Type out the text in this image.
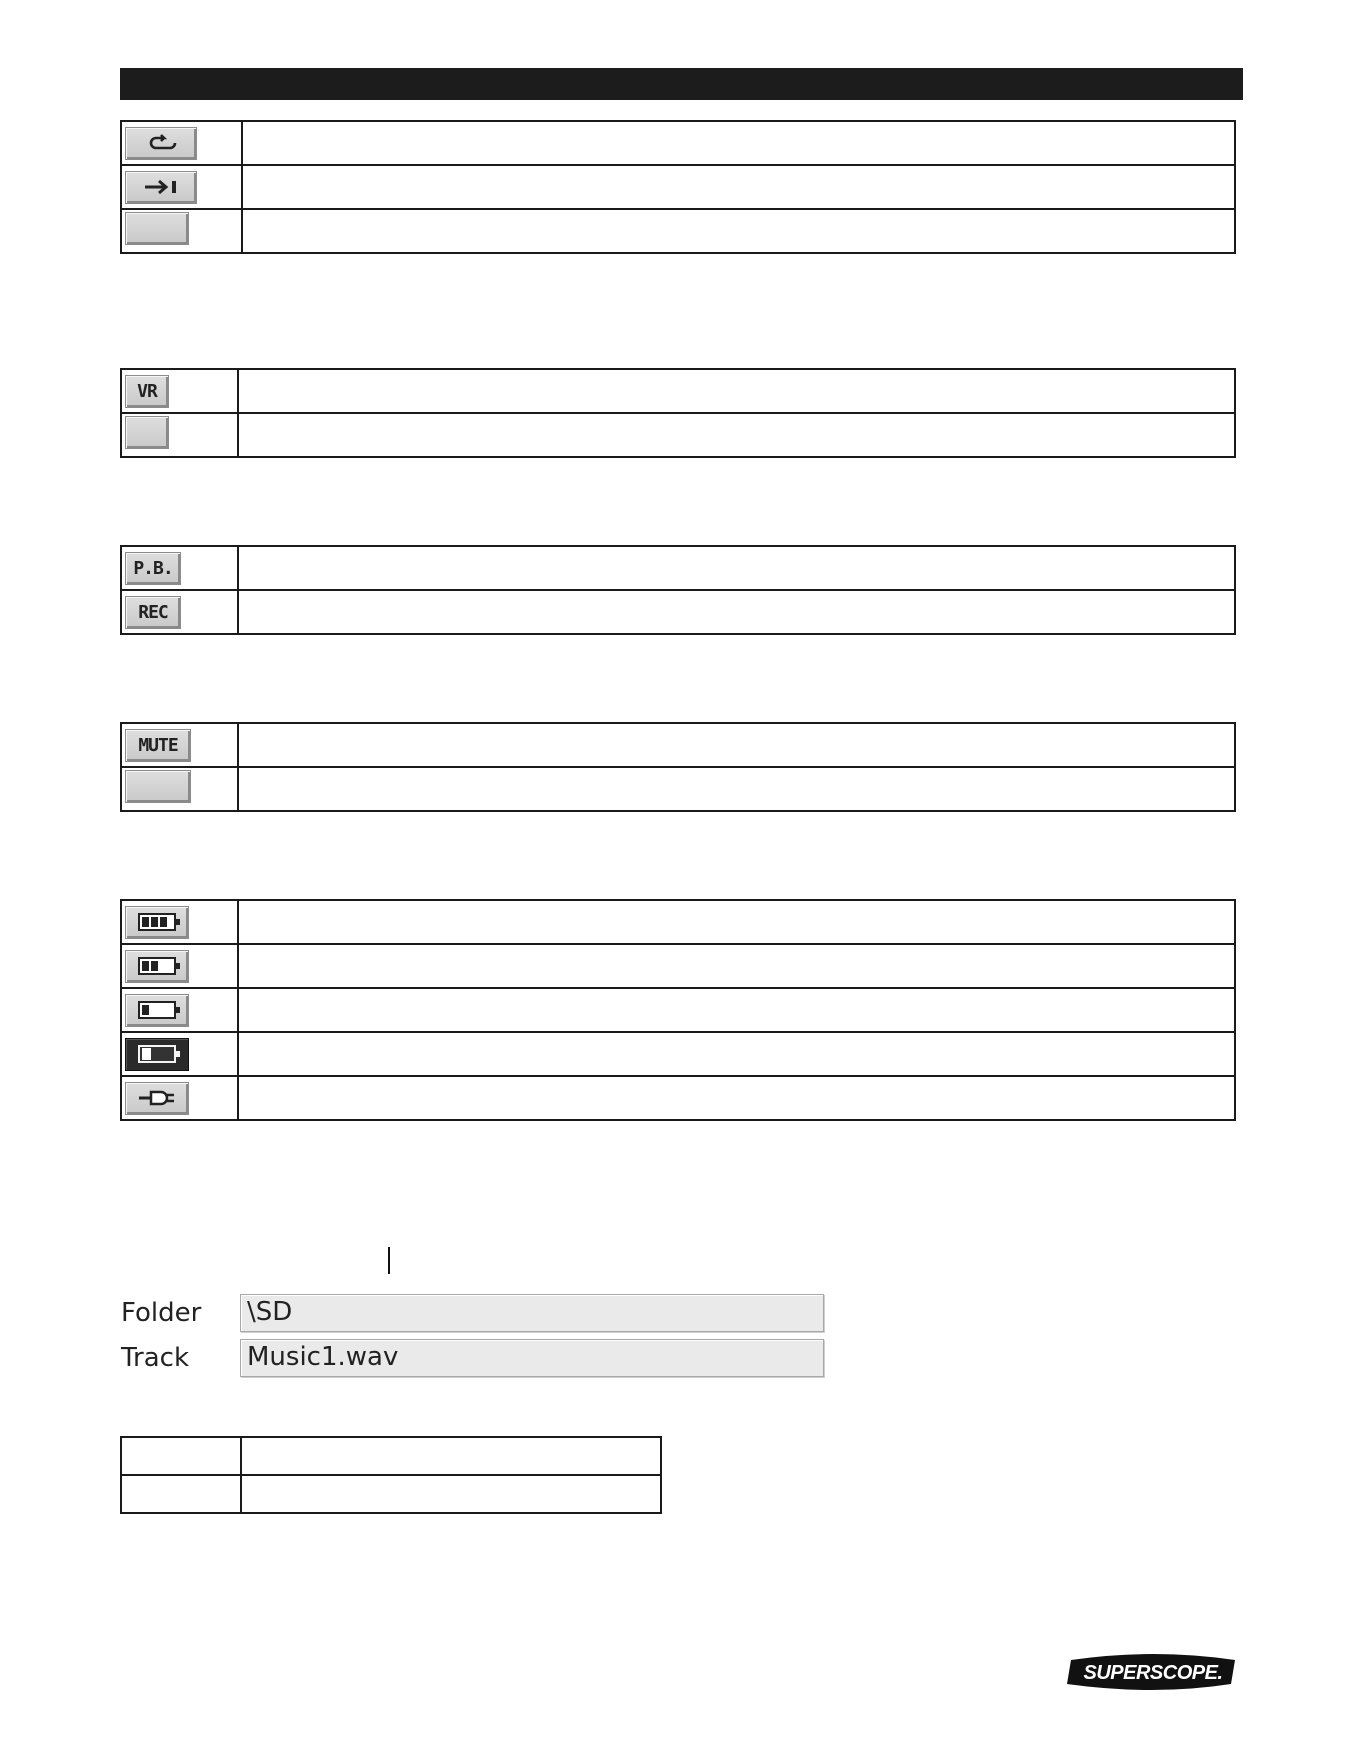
VR	

P.B.	
REC	
MUTE	

Folder \SD
Track Music1.wav

SUPERSCOPE.
